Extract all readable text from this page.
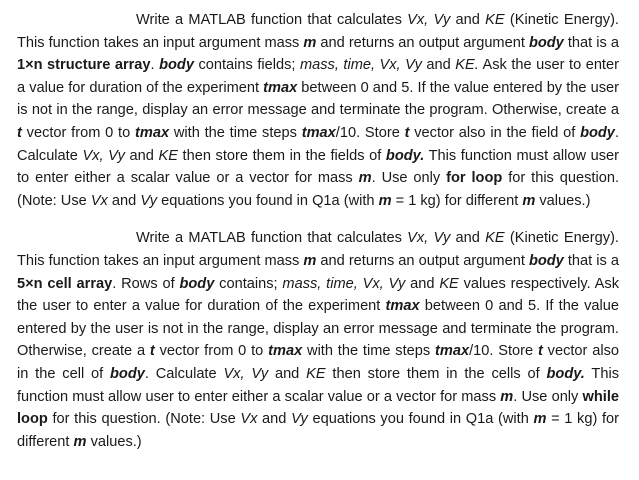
Write a MATLAB function that calculates Vx, Vy and KE (Kinetic Energy). This function takes an input argument mass m and returns an output argument body that is a 1×n structure array. body contains fields; mass, time, Vx, Vy and KE. Ask the user to enter a value for duration of the experiment tmax between 0 and 5. If the value entered by the user is not in the range, display an error message and terminate the program. Otherwise, create a t vector from 0 to tmax with the time steps tmax/10. Store t vector also in the field of body. Calculate Vx, Vy and KE then store them in the fields of body. This function must allow user to enter either a scalar value or a vector for mass m. Use only for loop for this question. (Note: Use Vx and Vy equations you found in Q1a (with m = 1 kg) for different m values.)

Write a MATLAB function that calculates Vx, Vy and KE (Kinetic Energy). This function takes an input argument mass m and returns an output argument body that is a 5×n cell array. Rows of body contains; mass, time, Vx, Vy and KE values respectively. Ask the user to enter a value for duration of the experiment tmax between 0 and 5. If the value entered by the user is not in the range, display an error message and terminate the program. Otherwise, create a t vector from 0 to tmax with the time steps tmax/10. Store t vector also in the cell of body. Calculate Vx, Vy and KE then store them in the cells of body. This function must allow user to enter either a scalar value or a vector for mass m. Use only while loop for this question. (Note: Use Vx and Vy equations you found in Q1a (with m = 1 kg) for different m values.)
